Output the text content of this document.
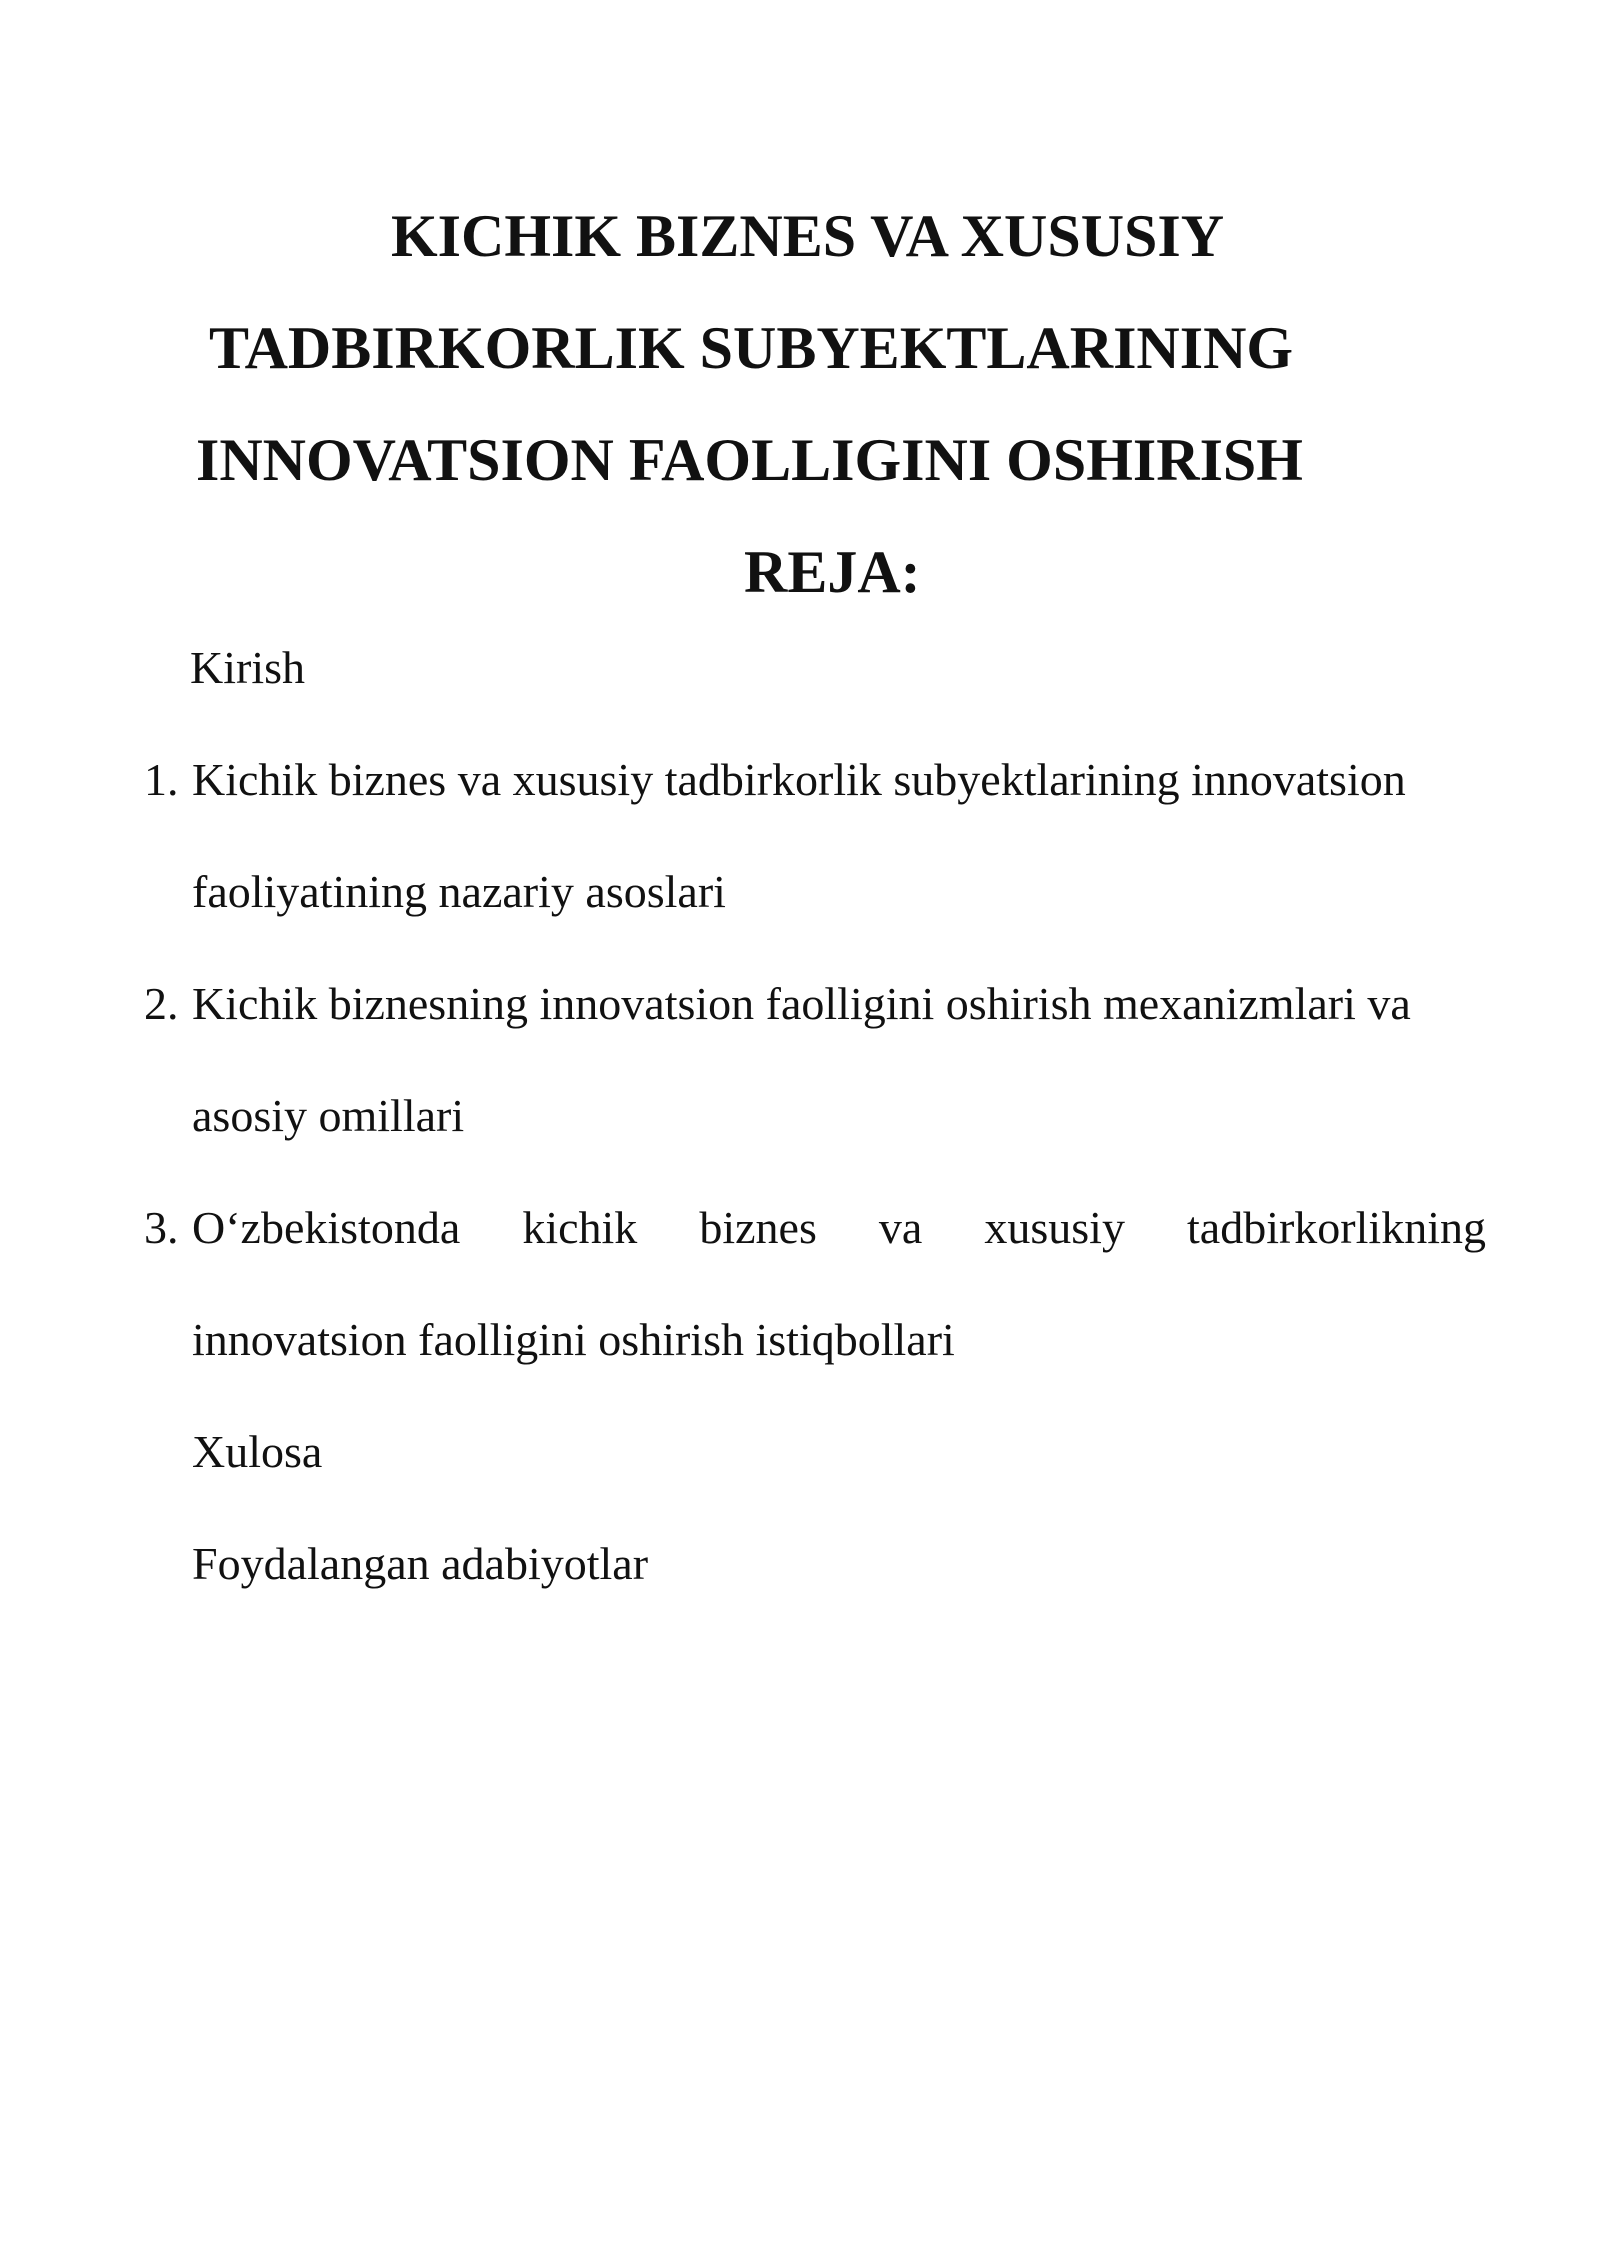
KICHIK BIZNES VA XUSUSIY
TADBIRKORLIK SUBYEKTLARINING
INNOVATSION FAOLLIGINI OSHIRISH
REJA:
Kirish
1. Kichik biznes va xususiy tadbirkorlik subyektlarining innovatsion
faoliyatining nazariy asoslari
2. Kichik biznesning innovatsion faolligini oshirish mexanizmlari va
asosiy omillari
3. O‘zbekistonda kichik biznes va xususiy tadbirkorlikning
innovatsion faolligini oshirish istiqbollari
Xulosa
Foydalangan adabiyotlar
